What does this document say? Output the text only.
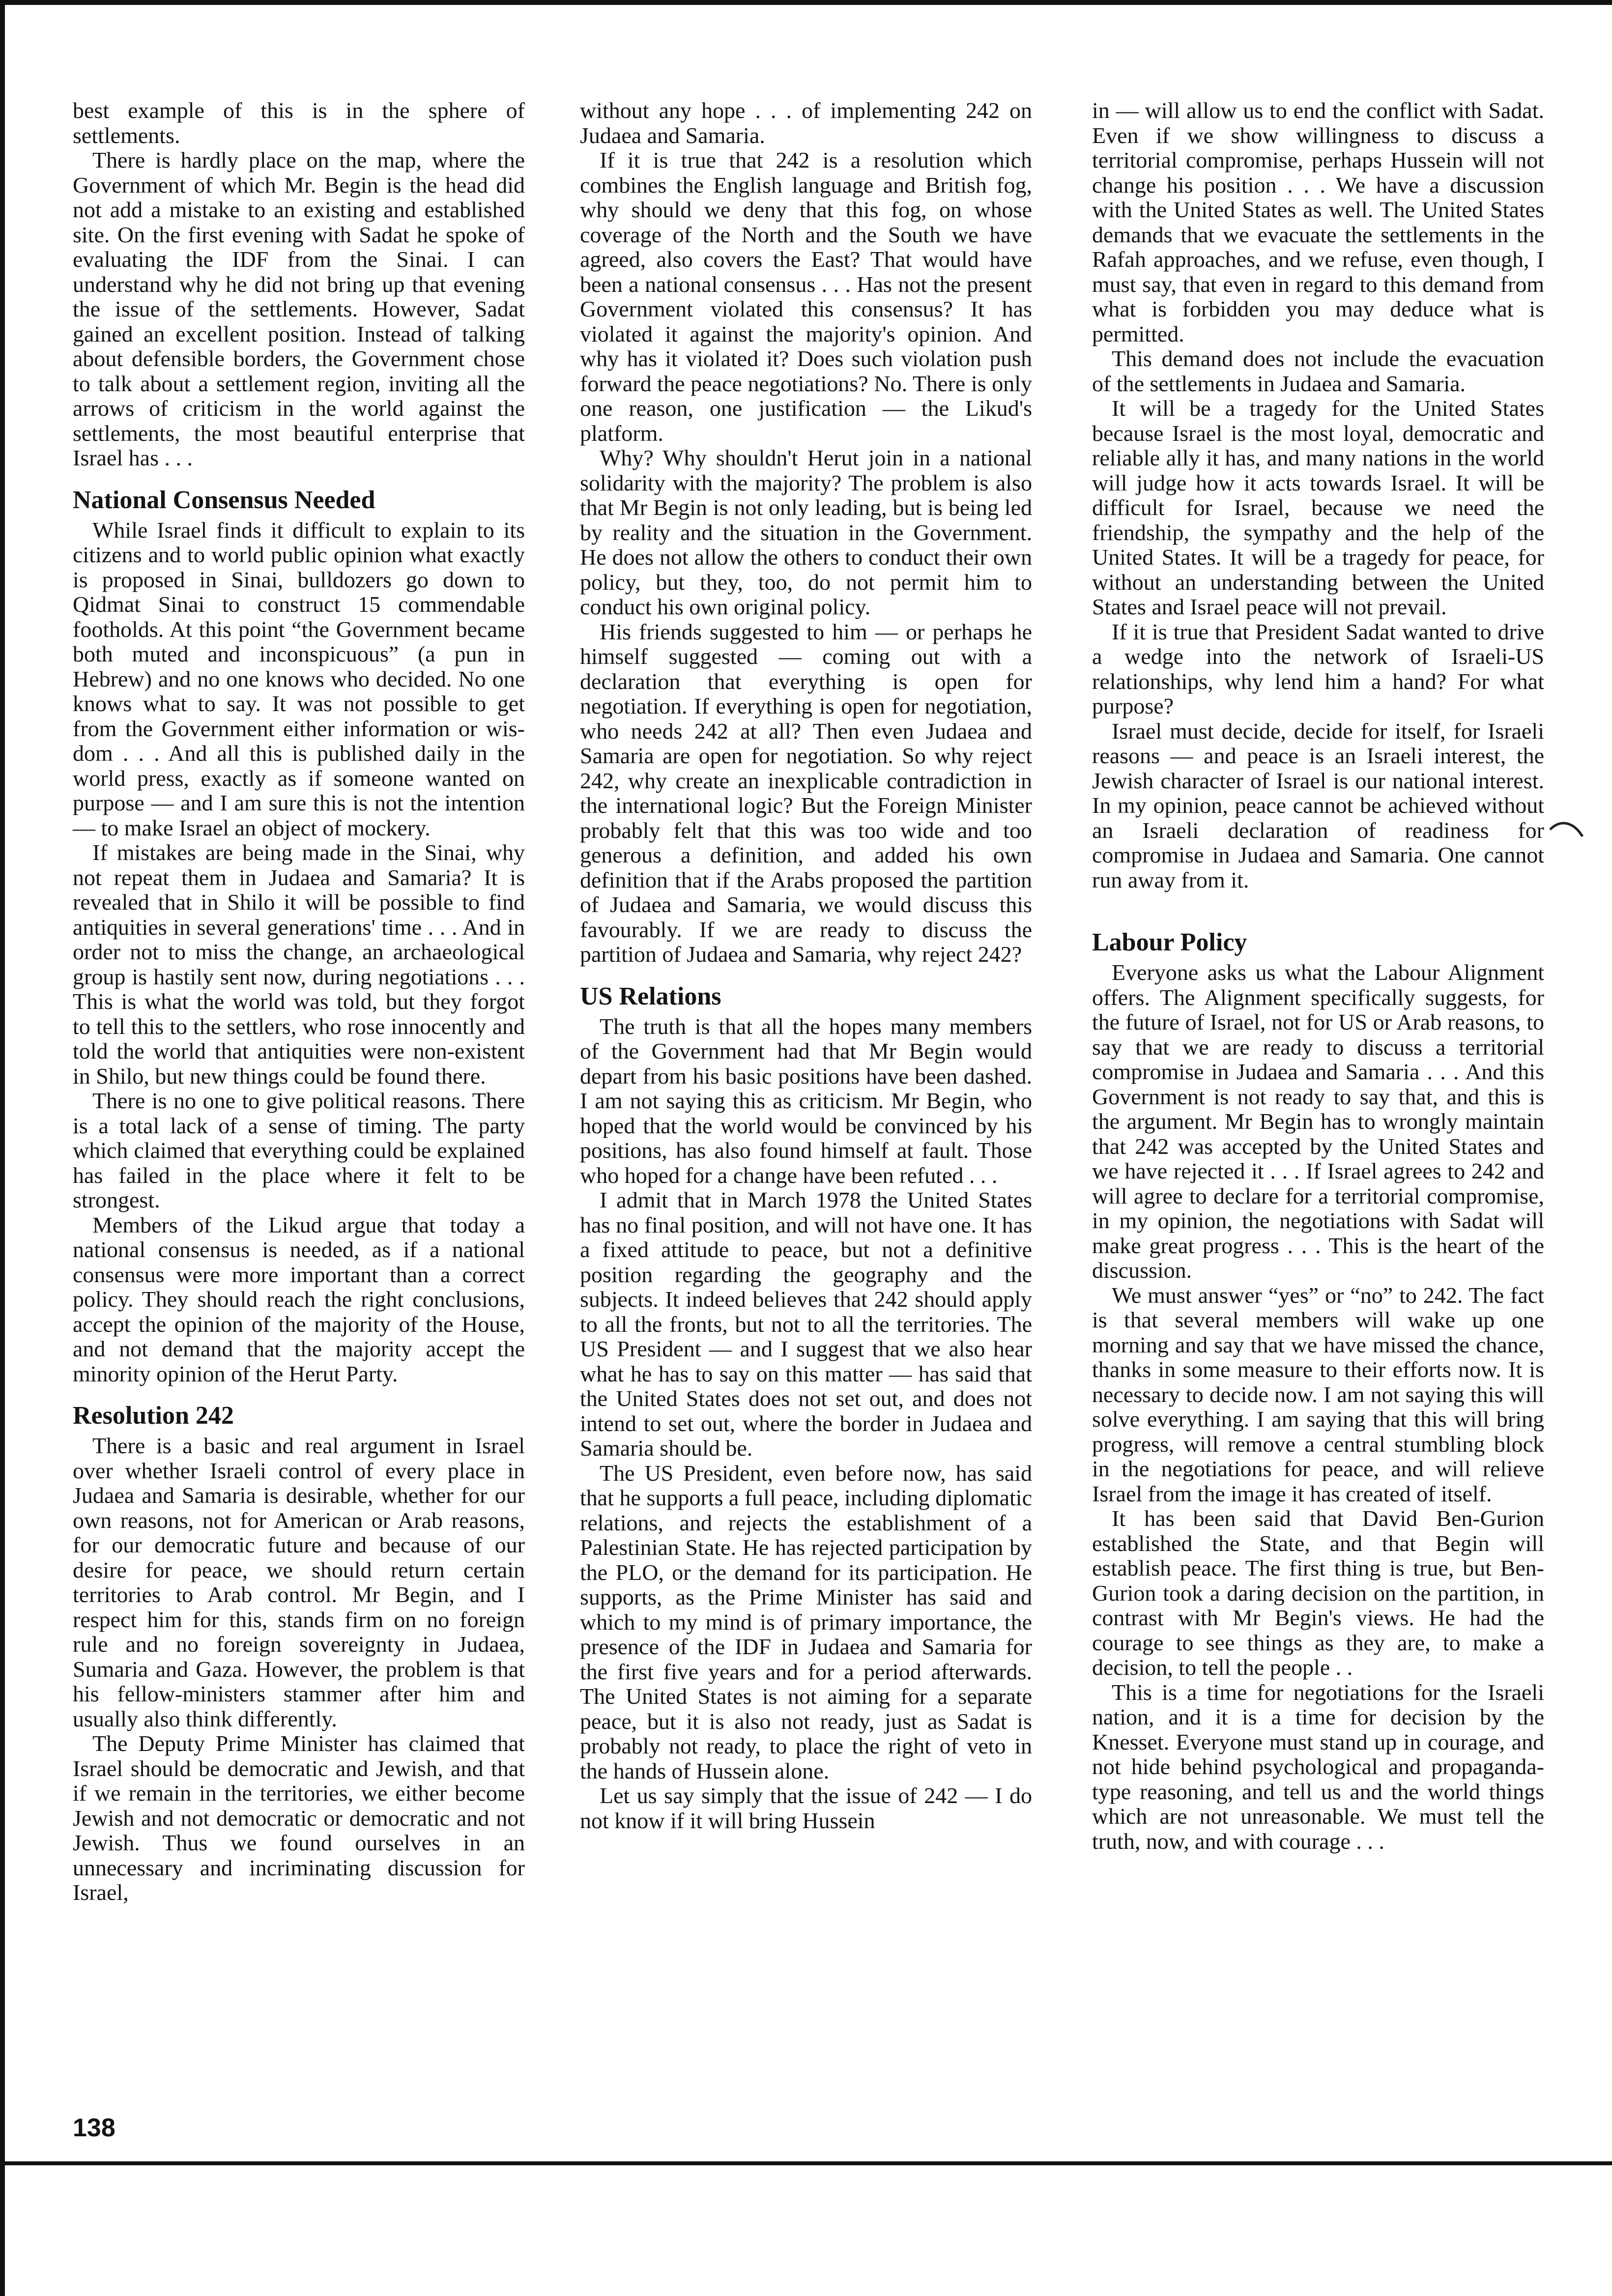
best example of this is in the sphere of settlements.

There is hardly place on the map, where the Government of which Mr. Begin is the head did not add a mistake to an existing and established site. On the first evening with Sadat he spoke of evaluating the IDF from the Sinai. I can understand why he did not bring up that evening the issue of the settlements. However, Sadat gained an excellent position. Instead of talking about defensible borders, the Government chose to talk about a settlement region, inviting all the arrows of criticism in the world against the settlements, the most beautiful enterprise that Israel has . . .

National Consensus Needed

While Israel finds it difficult to explain to its citizens and to world public opinion what exactly is proposed in Sinai, bulldozers go down to Qidmat Sinai to construct 15 commendable footholds. At this point “the Government became both muted and inconspicuous” (a pun in Hebrew) and no one knows who decided. No one knows what to say. It was not possible to get from the Government either information or wisdom . . . And all this is published daily in the world press, exactly as if someone wanted on purpose — and I am sure this is not the intention — to make Israel an object of mockery.

If mistakes are being made in the Sinai, why not repeat them in Judaea and Samaria? It is revealed that in Shilo it will be possible to find antiquities in several generations' time . . . And in order not to miss the change, an archaeological group is hastily sent now, during negotiations . . . This is what the world was told, but they forgot to tell this to the settlers, who rose innocently and told the world that antiquities were non-existent in Shilo, but new things could be found there.

There is no one to give political reasons. There is a total lack of a sense of timing. The party which claimed that everything could be explained has failed in the place where it felt to be strongest.

Members of the Likud argue that today a national consensus is needed, as if a national consensus were more important than a correct policy. They should reach the right conclusions, accept the opinion of the majority of the House, and not demand that the majority accept the minority opinion of the Herut Party.

Resolution 242

There is a basic and real argument in Israel over whether Israeli control of every place in Judaea and Samaria is desirable, whether for our own reasons, not for American or Arab reasons, for our democratic future and because of our desire for peace, we should return certain territories to Arab control. Mr Begin, and I respect him for this, stands firm on no foreign rule and no foreign sovereignty in Judaea, Sumaria and Gaza. However, the problem is that his fellow-ministers stammer after him and usually also think differently.

The Deputy Prime Minister has claimed that Israel should be democratic and Jewish, and that if we remain in the territories, we either become Jewish and not democratic or democratic and not Jewish. Thus we found ourselves in an unnecessary and incriminating discussion for Israel,

without any hope . . . of implementing 242 on Judaea and Samaria.

If it is true that 242 is a resolution which combines the English language and British fog, why should we deny that this fog, on whose coverage of the North and the South we have agreed, also covers the East? That would have been a national consensus . . . Has not the present Government violated this consensus? It has violated it against the majority's opinion. And why has it violated it? Does such violation push forward the peace negotiations? No. There is only one reason, one justification — the Likud's platform.

Why? Why shouldn't Herut join in a national solidarity with the majority? The problem is also that Mr Begin is not only leading, but is being led by reality and the situation in the Government. He does not allow the others to conduct their own policy, but they, too, do not permit him to conduct his own original policy.

His friends suggested to him — or perhaps he himself suggested — coming out with a declaration that everything is open for negotiation. If everything is open for negotiation, who needs 242 at all? Then even Judaea and Samaria are open for negotiation. So why reject 242, why create an inexplicable contradiction in the international logic? But the Foreign Minister probably felt that this was too wide and too generous a definition, and added his own definition that if the Arabs proposed the partition of Judaea and Samaria, we would discuss this favourably. If we are ready to discuss the partition of Judaea and Samaria, why reject 242?

US Relations

The truth is that all the hopes many members of the Government had that Mr Begin would depart from his basic positions have been dashed. I am not saying this as criticism. Mr Begin, who hoped that the world would be convinced by his positions, has also found himself at fault. Those who hoped for a change have been refuted . . .

I admit that in March 1978 the United States has no final position, and will not have one. It has a fixed attitude to peace, but not a definitive position regarding the geography and the subjects. It indeed believes that 242 should apply to all the fronts, but not to all the territories. The US President — and I suggest that we also hear what he has to say on this matter — has said that the United States does not set out, and does not intend to set out, where the border in Judaea and Samaria should be.

The US President, even before now, has said that he supports a full peace, including diplomatic relations, and rejects the establishment of a Palestinian State. He has rejected participation by the PLO, or the demand for its participation. He supports, as the Prime Minister has said and which to my mind is of primary importance, the presence of the IDF in Judaea and Samaria for the first five years and for a period afterwards. The United States is not aiming for a separate peace, but it is also not ready, just as Sadat is probably not ready, to place the right of veto in the hands of Hussein alone.

Let us say simply that the issue of 242 — I do not know if it will bring Hussein

in — will allow us to end the conflict with Sadat. Even if we show willingness to discuss a territorial compromise, perhaps Hussein will not change his position . . . We have a discussion with the United States as well. The United States demands that we evacuate the settlements in the Rafah approaches, and we refuse, even though, I must say, that even in regard to this demand from what is forbidden you may deduce what is permitted.

This demand does not include the evacuation of the settlements in Judaea and Samaria.

It will be a tragedy for the United States because Israel is the most loyal, democratic and reliable ally it has, and many nations in the world will judge how it acts towards Israel. It will be difficult for Israel, because we need the friendship, the sympathy and the help of the United States. It will be a tragedy for peace, for without an understanding between the United States and Israel peace will not prevail.

If it is true that President Sadat wanted to drive a wedge into the network of Israeli-US relationships, why lend him a hand? For what purpose?

Israel must decide, decide for itself, for Israeli reasons — and peace is an Israeli interest, the Jewish character of Israel is our national interest. In my opinion, peace cannot be achieved without an Israeli declaration of readiness for compromise in Judaea and Samaria. One cannot run away from it.

Labour Policy

Everyone asks us what the Labour Alignment offers. The Alignment specifically suggests, for the future of Israel, not for US or Arab reasons, to say that we are ready to discuss a territorial compromise in Judaea and Samaria . . . And this Government is not ready to say that, and this is the argument. Mr Begin has to wrongly maintain that 242 was accepted by the United States and we have rejected it . . . If Israel agrees to 242 and will agree to declare for a territorial compromise, in my opinion, the negotiations with Sadat will make great progress . . . This is the heart of the discussion.

We must answer “yes” or “no” to 242. The fact is that several members will wake up one morning and say that we have missed the chance, thanks in some measure to their efforts now. It is necessary to decide now. I am not saying this will solve everything. I am saying that this will bring progress, will remove a central stumbling block in the negotiations for peace, and will relieve Israel from the image it has created of itself.

It has been said that David Ben-Gurion established the State, and that Begin will establish peace. The first thing is true, but Ben-Gurion took a daring decision on the partition, in contrast with Mr Begin's views. He had the courage to see things as they are, to make a decision, to tell the people . .

This is a time for negotiations for the Israeli nation, and it is a time for decision by the Knesset. Everyone must stand up in courage, and not hide behind psychological and propaganda-type reasoning, and tell us and the world things which are not unreasonable. We must tell the truth, now, and with courage . . .

138
